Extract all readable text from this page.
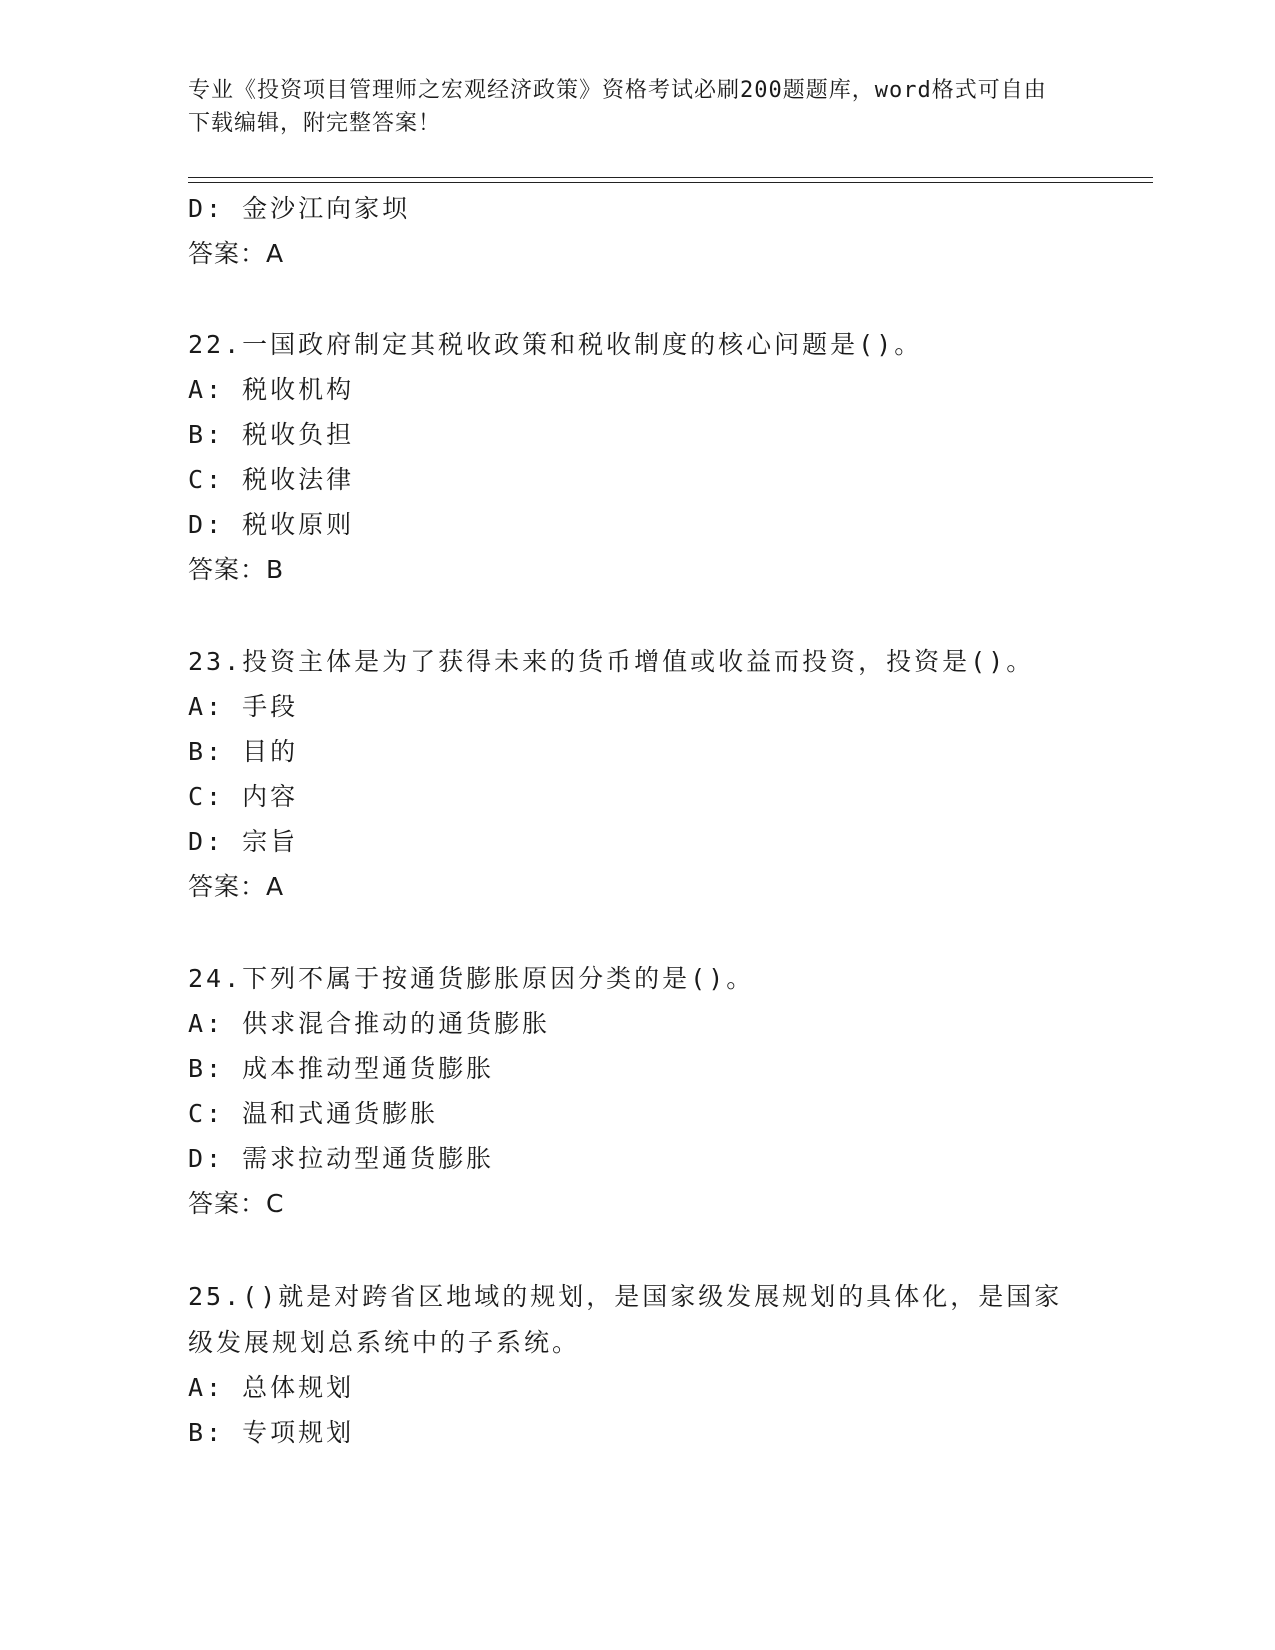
专业《投资项目管理师之宏观经济政策》资格考试必刷200题题库，word格式可自由下载编辑，附完整答案！
D: 金沙江向家坝
答案：A
22.一国政府制定其税收政策和税收制度的核心问题是()。
A: 税收机构
B: 税收负担
C: 税收法律
D: 税收原则
答案：B
23.投资主体是为了获得未来的货币增值或收益而投资，投资是()。
A: 手段
B: 目的
C: 内容
D: 宗旨
答案：A
24.下列不属于按通货膨胀原因分类的是()。
A: 供求混合推动的通货膨胀
B: 成本推动型通货膨胀
C: 温和式通货膨胀
D: 需求拉动型通货膨胀
答案：C
25.()就是对跨省区地域的规划，是国家级发展规划的具体化，是国家级发展规划总系统中的子系统。
A: 总体规划
B: 专项规划
